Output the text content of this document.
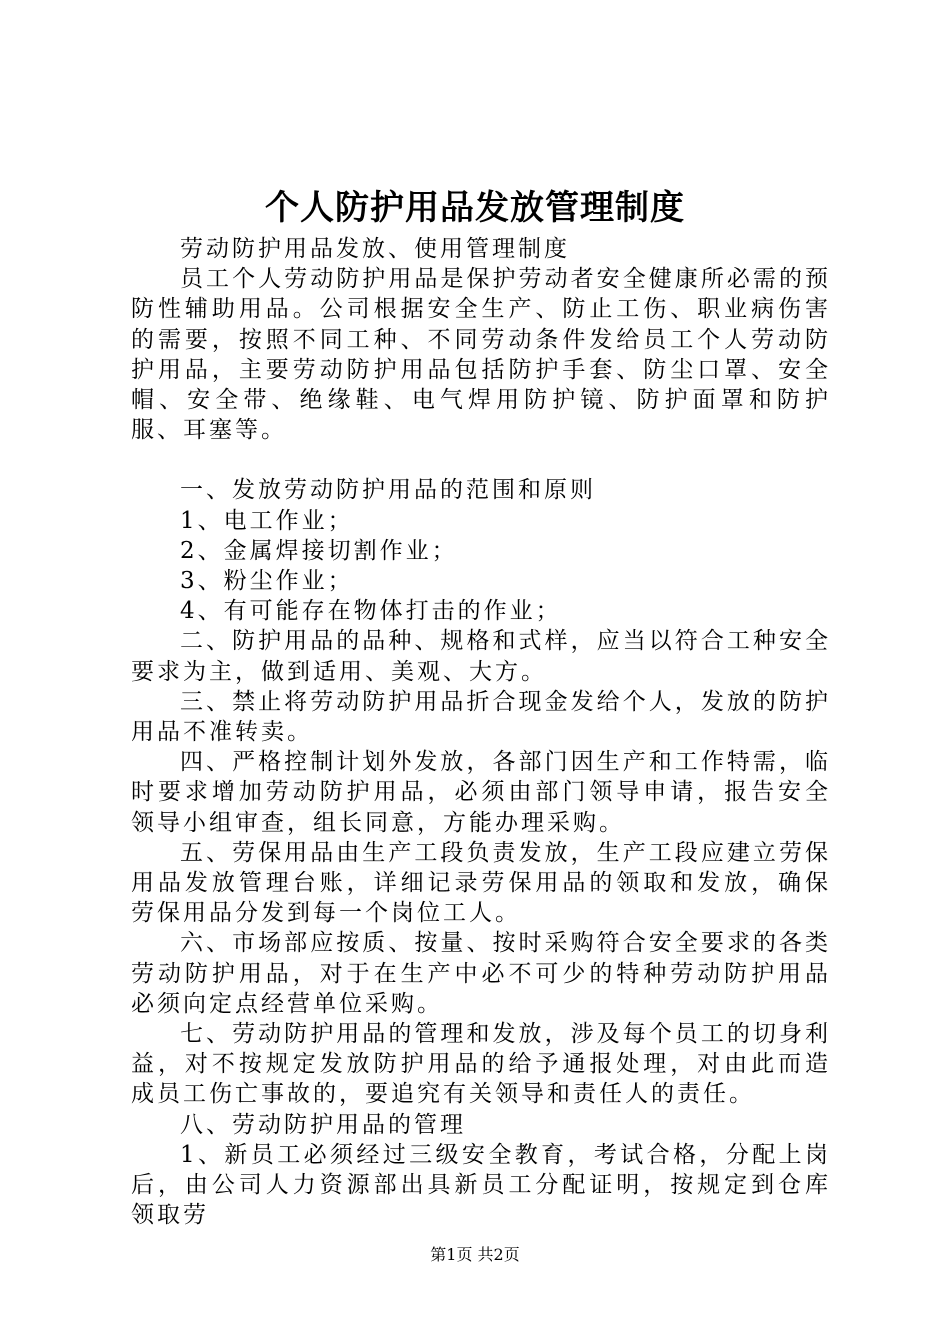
个人防护用品发放管理制度

劳动防护用品发放、使用管理制度

员工个人劳动防护用品是保护劳动者安全健康所必需的预防性辅助用品。公司根据安全生产、防止工伤、职业病伤害的需要，按照不同工种、不同劳动条件发给员工个人劳动防护用品，主要劳动防护用品包括防护手套、防尘口罩、安全帽、安全带、绝缘鞋、电气焊用防护镜、防护面罩和防护服、耳塞等。

一、发放劳动防护用品的范围和原则

1、电工作业；

2、金属焊接切割作业；

3、粉尘作业；

4、有可能存在物体打击的作业；

二、防护用品的品种、规格和式样，应当以符合工种安全要求为主，做到适用、美观、大方。

三、禁止将劳动防护用品折合现金发给个人，发放的防护用品不准转卖。

四、严格控制计划外发放，各部门因生产和工作特需，临时要求增加劳动防护用品，必须由部门领导申请，报告安全领导小组审查，组长同意，方能办理采购。

五、劳保用品由生产工段负责发放，生产工段应建立劳保用品发放管理台账，详细记录劳保用品的领取和发放，确保劳保用品分发到每一个岗位工人。

六、市场部应按质、按量、按时采购符合安全要求的各类劳动防护用品，对于在生产中必不可少的特种劳动防护用品必须向定点经营单位采购。

七、劳动防护用品的管理和发放，涉及每个员工的切身利益，对不按规定发放防护用品的给予通报处理，对由此而造成员工伤亡事故的，要追究有关领导和责任人的责任。

八、劳动防护用品的管理

1、新员工必须经过三级安全教育，考试合格，分配上岗后，由公司人力资源部出具新员工分配证明，按规定到仓库领取劳

第1页 共2页
